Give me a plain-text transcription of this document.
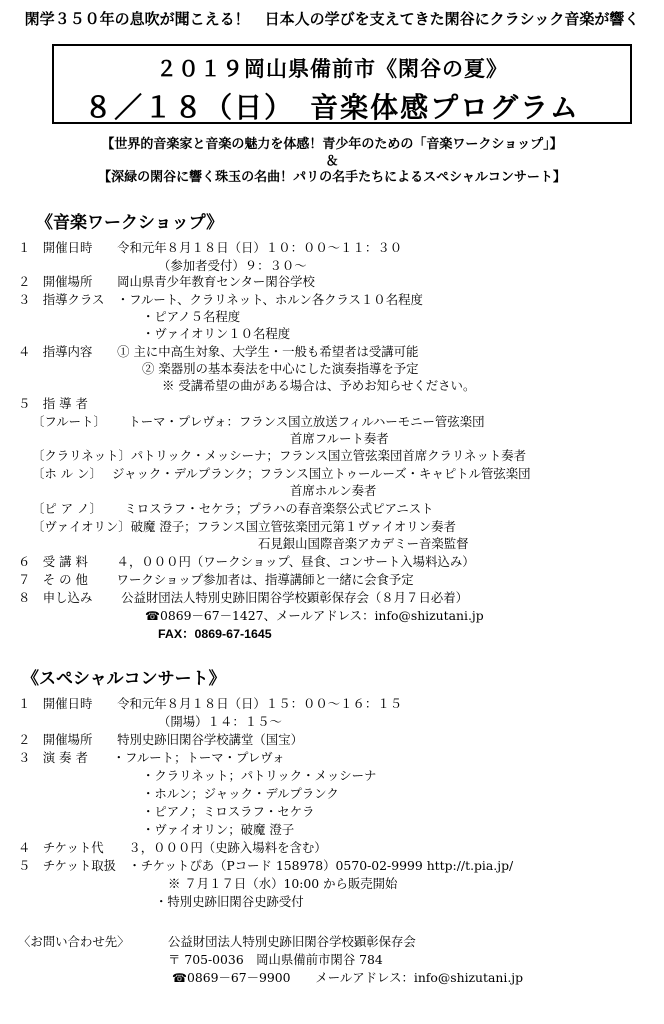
閑学３５０年の息吹が聞こえる！　日本人の学びを支えてきた閑谷にクラシック音楽が響く
２０１９岡山県備前市《閑谷の夏》
８／１８（日）　音楽体感プログラム
【世界的音楽家と音楽の魅力を体感！青少年のための「音楽ワークショップ」】
＆
【深緑の閑谷に響く珠玉の名曲！パリの名手たちによるスペシャルコンサート】
《音楽ワークショップ》
１　開催日時　　令和元年８月１８日（日）１０：００～１１：３０
（参加者受付）９：３０～
２　開催場所　　岡山県青少年教育センター閑谷学校
３　指導クラス　・フルート、クラリネット、ホルン各クラス１０名程度
・ピアノ５名程度
・ヴァイオリン１０名程度
４　指導内容　　① 主に中高生対象、大学生・一般も希望者は受講可能
② 楽器別の基本奏法を中心にした演奏指導を予定
※ 受講希望の曲がある場合は、予めお知らせください。
５　指 導 者
〔フルート〕　　 トーマ・プレヴォ：フランス国立放送フィルハーモニー管弦楽団
首席フルート奏者
〔クラリネット〕パトリック・メッシーナ；フランス国立管弦楽団首席クラリネット奏者
〔ホ ル ン〕　 ジャック・デルプランク；フランス国立トゥールーズ・キャピトル管弦楽団
首席ホルン奏者
〔ピ ア ノ〕　　 ミロスラフ・セケラ；プラハの春音楽祭公式ピアニスト
〔ヴァイオリン〕破魔 澄子；フランス国立管弦楽団元第１ヴァイオリン奏者
石見銀山国際音楽アカデミー音楽監督
６　受 講 料　　 ４，０００円（ワークショップ、昼食、コンサート入場料込み）
７　そ の 他　　 ワークショップ参加者は、指導講師と一緒に会食予定
８　申し込み　　 公益財団法人特別史跡旧閑谷学校顕彰保存会（８月７日必着）
☎0869－67－1427、メールアドレス：info@shizutani.jp
FAX：0869-67-1645
《スペシャルコンサート》
１　開催日時　　令和元年８月１８日（日）１５：００～１６：１５
（開場）１４：１５～
２　開催場所　　特別史跡旧閑谷学校講堂（国宝）
３　演 奏 者　　・フルート；トーマ・プレヴォ
・クラリネット；パトリック・メッシーナ
・ホルン；ジャック・デルプランク
・ピアノ；ミロスラフ・セケラ
・ヴァイオリン；破魔 澄子
４　チケット代　　３，０００円（史跡入場料を含む）
５　チケット取扱　・チケットぴあ（Pコード 158978）0570-02-9999 http://t.pia.jp/
※ ７月１７日（水）10:00 から販売開始
・特別史跡旧閑谷史跡受付
〈お問い合わせ先〉	公益財団法人特別史跡旧閑谷学校顕彰保存会
〒 705-0036　岡山県備前市閑谷 784
☎0869－67－9900　　メールアドレス：info@shizutani.jp
